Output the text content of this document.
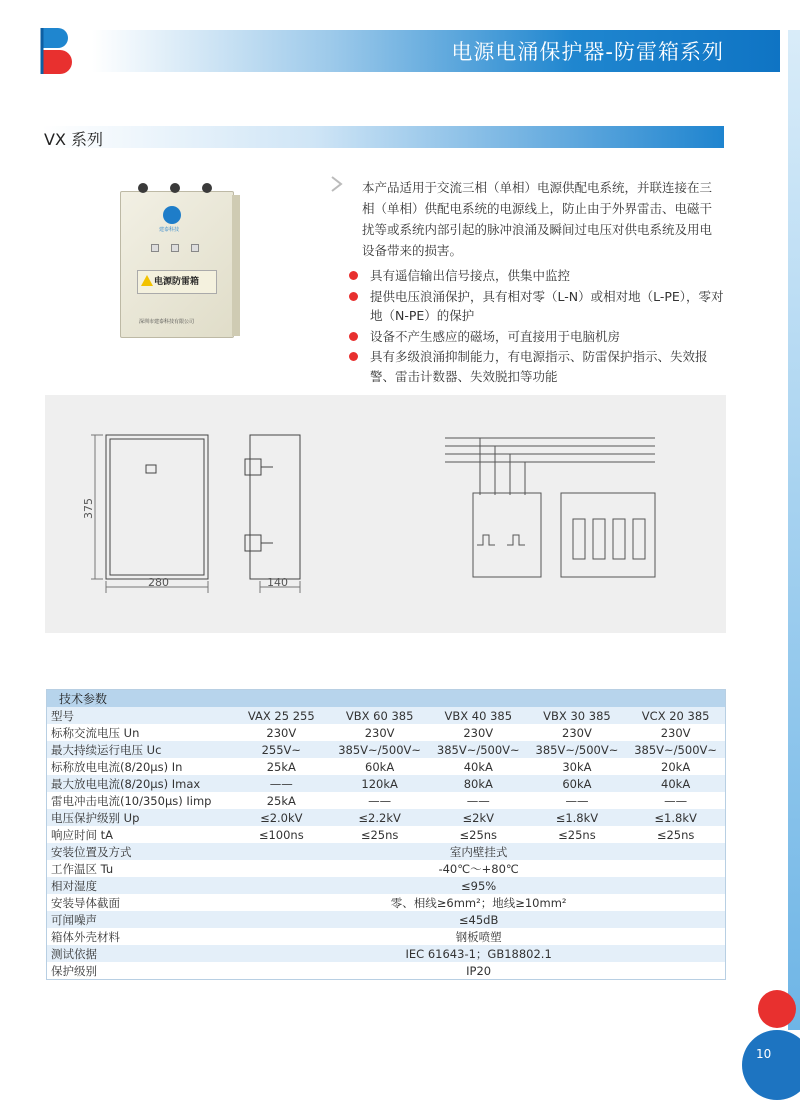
电源电涌保护器-防雷箱系列
VX 系列
建泰科技
电源防雷箱
深圳市建泰科技有限公司
本产品适用于交流三相（单相）电源供配电系统，并联连接在三相（单相）供配电系统的电源线上，防止由于外界雷击、电磁干扰等或系统内部引起的脉冲浪涌及瞬间过电压对供电系统及用电设备带来的损害。
具有遥信输出信号接点，供集中监控
提供电压浪涌保护，具有相对零（L-N）或相对地（L-PE），零对地（N-PE）的保护
设备不产生感应的磁场，可直接用于电脑机房
具有多级浪涌抑制能力，有电源指示、防雷保护指示、失效报警、雷击计数器、失效脱扣等功能
375
280	140
技术参数					
型号	VAX 25 255	VBX 60 385	VBX 40 385	VBX 30 385	VCX 20 385
标称交流电压 Un	230V	230V	230V	230V	230V
最大持续运行电压 Uc	255V~	385V~/500V~	385V~/500V~	385V~/500V~	385V~/500V~
标称放电电流(8/20μs) In	25kA	60kA	40kA	30kA	20kA
最大放电电流(8/20μs) Imax	——	120kA	80kA	60kA	40kA
雷电冲击电流(10/350μs) Iimp	25kA	——	——	——	——
电压保护级别 Up	≤2.0kV	≤2.2kV	≤2kV	≤1.8kV	≤1.8kV
响应时间 tA	≤100ns	≤25ns	≤25ns	≤25ns	≤25ns
安装位置及方式	室内壁挂式				
工作温区 Tu	-40℃～+80℃				
相对湿度	≤95%				
安装导体截面	零、相线≥6mm²；地线≥10mm²				
可闻噪声	≤45dB				
箱体外壳材料	钢板喷塑				
测试依据	IEC 61643-1；GB18802.1				
保护级别	IP20				
10
